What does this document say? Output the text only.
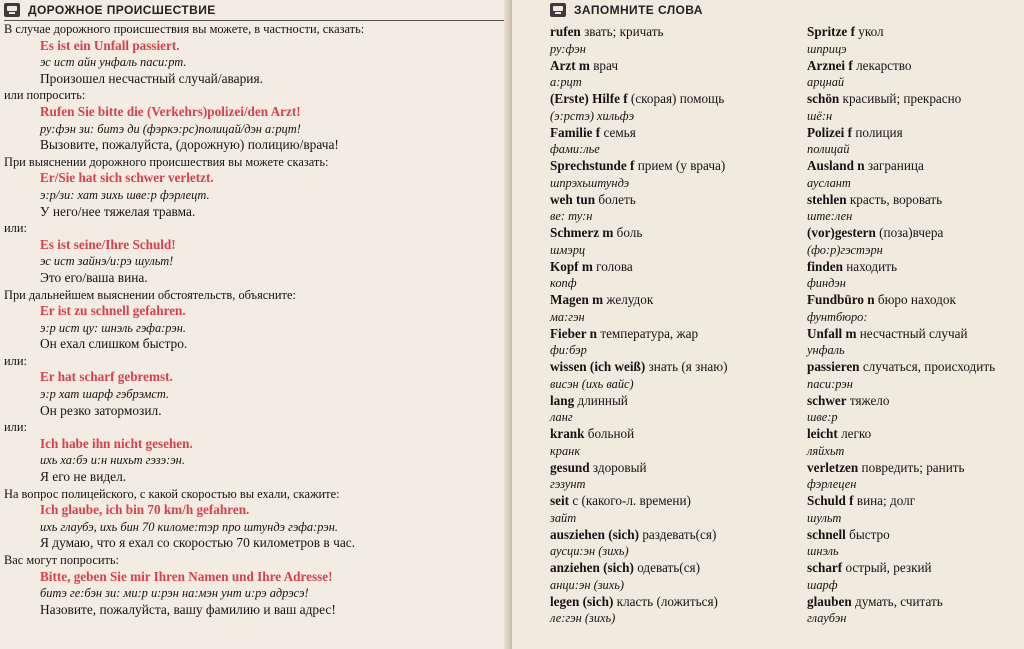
ДОРОЖНОЕ ПРОИСШЕСТВИЕ
В случае дорожного происшествия вы можете, в частности, сказать:
Es ist ein Unfall passiert.
эс ист айн унфаль паси:рт.
Произошел несчастный случай/авария.
или попросить:
Rufen Sie bitte die (Verkehrs)polizei/den Arzt!
ру:фэн зи: битэ ди (фэркэ:рс)полицай/дэн а:рцт!
Вызовите, пожалуйста, (дорожную) полицию/врача!
При выяснении дорожного происшествия вы можете сказать:
Er/Sie hat sich schwer verletzt.
э:р/зи: хат зихь шве:р фэрлецт.
У него/нее тяжелая травма.
или:
Es ist seine/Ihre Schuld!
эс ист зайнэ/и:рэ шульт!
Это его/ваша вина.
При дальнейшем выяснении обстоятельств, объясните:
Er ist zu schnell gefahren.
э:р ист цу: шнэль гэфа:рэн.
Он ехал слишком быстро.
или:
Er hat scharf gebremst.
э:р хат шарф гэбрэмст.
Он резко затормозил.
или:
Ich habe ihn nicht gesehen.
ихь ха:бэ и:н нихьт гэзэ:эн.
Я его не видел.
На вопрос полицейского, с какой скоростью вы ехали, скажите:
Ich glaube, ich bin 70 km/h gefahren.
ихь глаубэ, ихь бин 70 киломе:тэр про штундэ гэфа:рэн.
Я думаю, что я ехал со скоростью 70 километров в час.
Вас могут попросить:
Bitte, geben Sie mir Ihren Namen und Ihre Adresse!
битэ ге:бэн зи: ми:р и:рэн на:мэн унт и:рэ адрэсэ!
Назовите, пожалуйста, вашу фамилию и ваш адрес!
ЗАПОМНИТЕ СЛОВА
rufen звать; кричать
ру:фэн
Arzt m врач
а:рцт
(Erste) Hilfe f (скорая) помощь
(э:рстэ) хильфэ
Familie f семья
фами:лье
Sprechstunde f прием (у врача)
шпрэхьштундэ
weh tun болеть
ве: ту:н
Schmerz m боль
шмэрц
Kopf m голова
копф
Magen m желудок
ма:гэн
Fieber n температура, жар
фи:бэр
wissen (ich weiß) знать (я знаю)
висэн (ихь вайс)
lang длинный
ланг
krank больной
кранк
gesund здоровый
гэзунт
seit с (какого-л. времени)
зайт
ausziehen (sich) раздевать(ся)
аусци:эн (зихь)
anziehen (sich) одевать(ся)
анци:эн (зихь)
legen (sich) класть (ложиться)
ле:гэн (зихь)
Spritze f укол
шприцэ
Arznei f лекарство
арцнай
schön красивый; прекрасно
шё:н
Polizei f полиция
полицай
Ausland n заграница
ауслант
stehlen красть, воровать
ште:лен
(vor)gestern (поза)вчера
(фо:р)гэстэрн
finden находить
финдэн
Fundbüro n бюро находок
фунтбюро:
Unfall m несчастный случай
унфаль
passieren случаться, происходить
паси:рэн
schwer тяжело
шве:р
leicht легко
ляйхьт
verletzen повредить; ранить
фэрлецен
Schuld f вина; долг
шульт
schnell быстро
шнэль
scharf острый, резкий
шарф
glauben думать, считать
глаубэн
